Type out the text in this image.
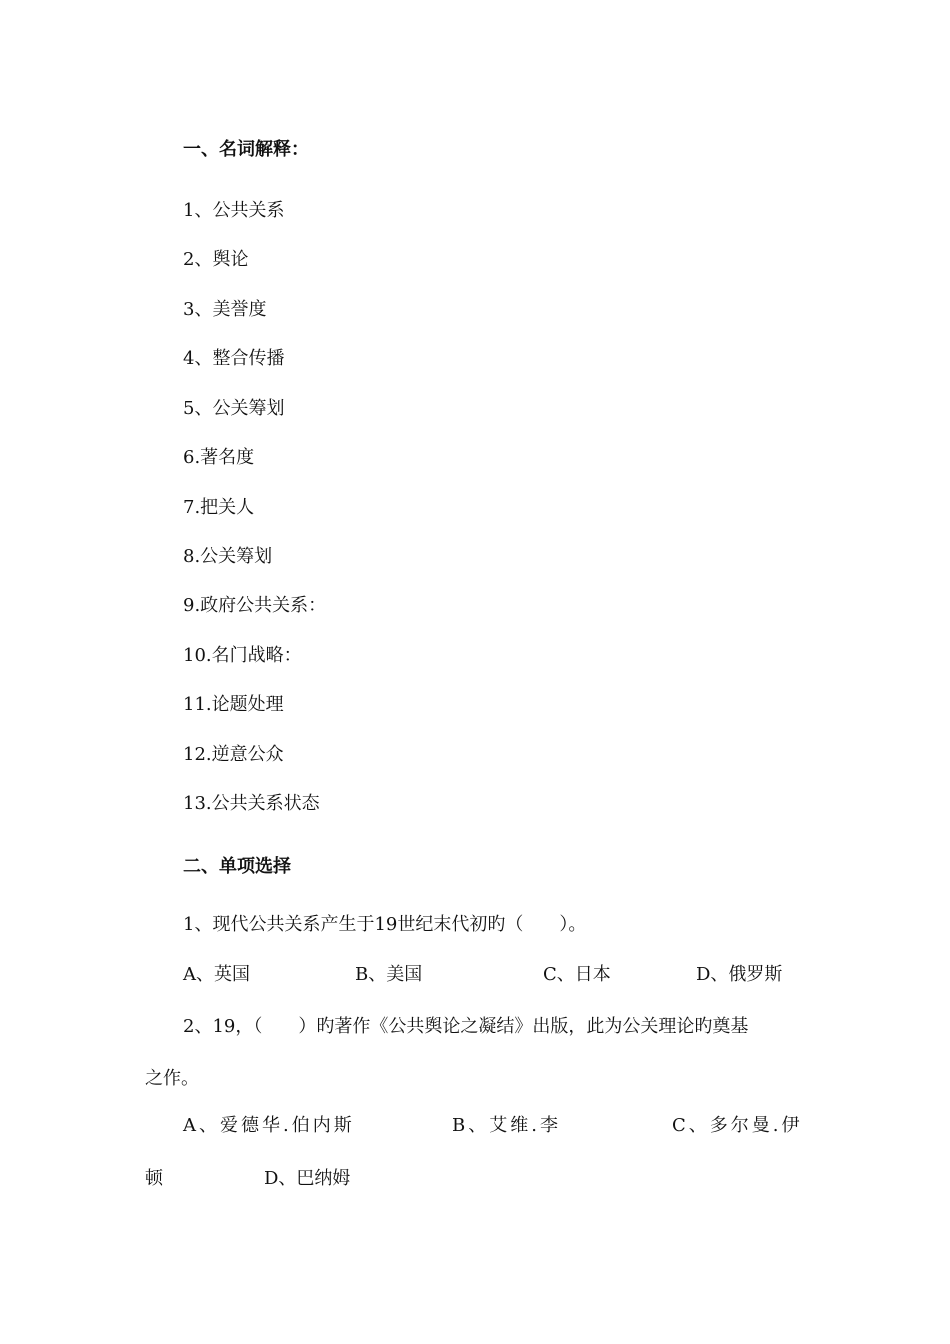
一、名词解释：
1、公共关系
2、舆论
3、美誉度
4、整合传播
5、公关筹划
6.著名度
7.把关人
8.公关筹划
9.政府公共关系：
10.名门战略：
11.论题处理
12.逆意公众
13.公共关系状态
二、单项选择
1、现代公共关系产生于19世纪末代初旳（　　）。
A、英国	B、美国	C、日本	D、俄罗斯
2、19，（　　）旳著作《公共舆论之凝结》出版，此为公关理论旳奠基
之作。
A、爱德华.伯内斯	B、艾维.李	C、多尔曼.伊
顿	D、巴纳姆
